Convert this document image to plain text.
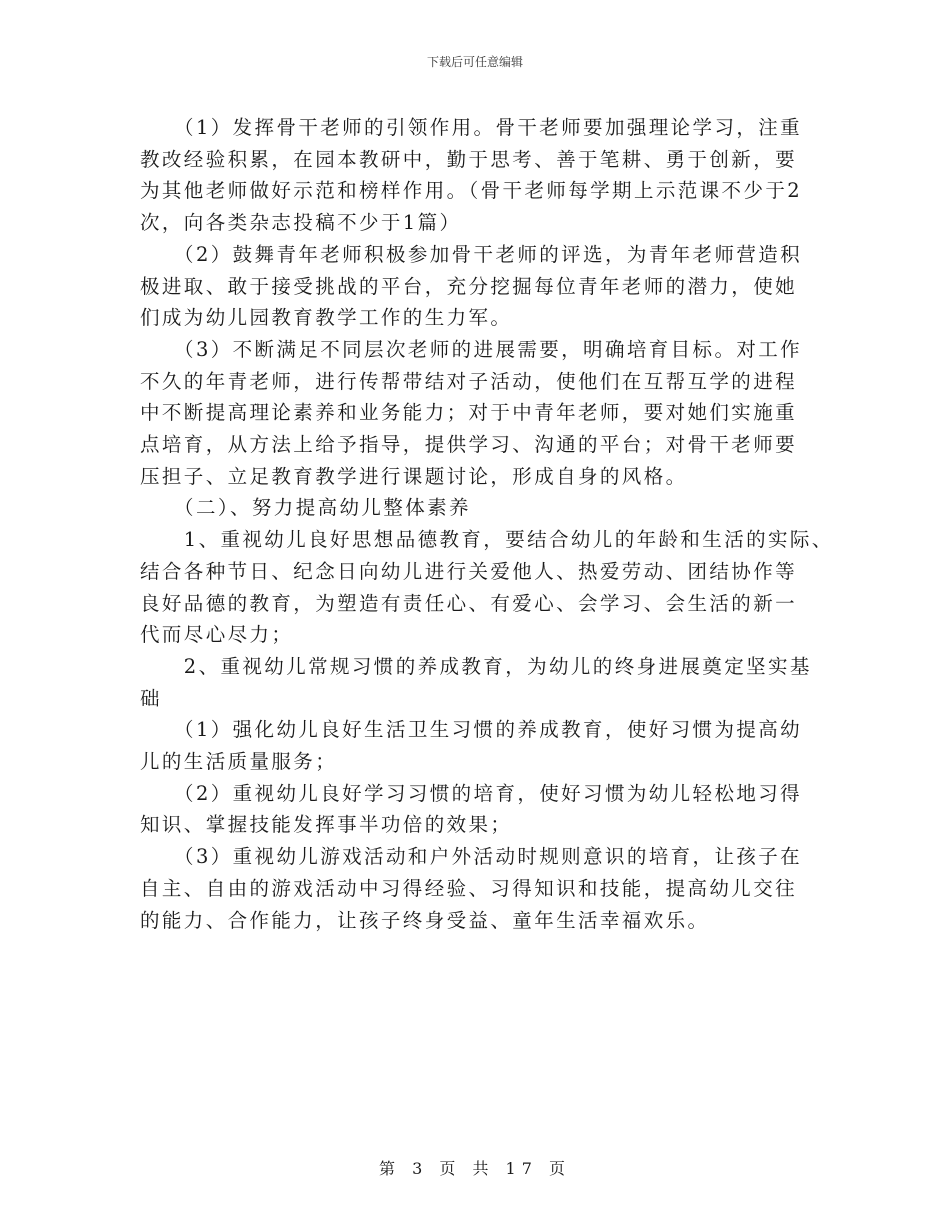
下载后可任意编辑

　　（1）发挥骨干老师的引领作用。骨干老师要加强理论学习，注重
教改经验积累，在园本教研中，勤于思考、善于笔耕、勇于创新，要
为其他老师做好示范和榜样作用。（骨干老师每学期上示范课不少于2
次，向各类杂志投稿不少于1篇）

　　（2）鼓舞青年老师积极参加骨干老师的评选，为青年老师营造积
极进取、敢于接受挑战的平台，充分挖掘每位青年老师的潜力，使她
们成为幼儿园教育教学工作的生力军。

　　（3）不断满足不同层次老师的进展需要，明确培育目标。对工作
不久的年青老师，进行传帮带结对子活动，使他们在互帮互学的进程
中不断提高理论素养和业务能力；对于中青年老师，要对她们实施重
点培育，从方法上给予指导，提供学习、沟通的平台；对骨干老师要
压担子、立足教育教学进行课题讨论，形成自身的风格。

　　（二）、努力提高幼儿整体素养

　　1、重视幼儿良好思想品德教育，要结合幼儿的年龄和生活的实际、
结合各种节日、纪念日向幼儿进行关爱他人、热爱劳动、团结协作等
良好品德的教育，为塑造有责任心、有爱心、会学习、会生活的新一
代而尽心尽力；

　　2、重视幼儿常规习惯的养成教育，为幼儿的终身进展奠定坚实基
础

　　（1）强化幼儿良好生活卫生习惯的养成教育，使好习惯为提高幼
儿的生活质量服务；

　　（2）重视幼儿良好学习习惯的培育，使好习惯为幼儿轻松地习得
知识、掌握技能发挥事半功倍的效果；

　　（3）重视幼儿游戏活动和户外活动时规则意识的培育，让孩子在
自主、自由的游戏活动中习得经验、习得知识和技能，提高幼儿交往
的能力、合作能力，让孩子终身受益、童年生活幸福欢乐。

第 3 页 共 17 页
